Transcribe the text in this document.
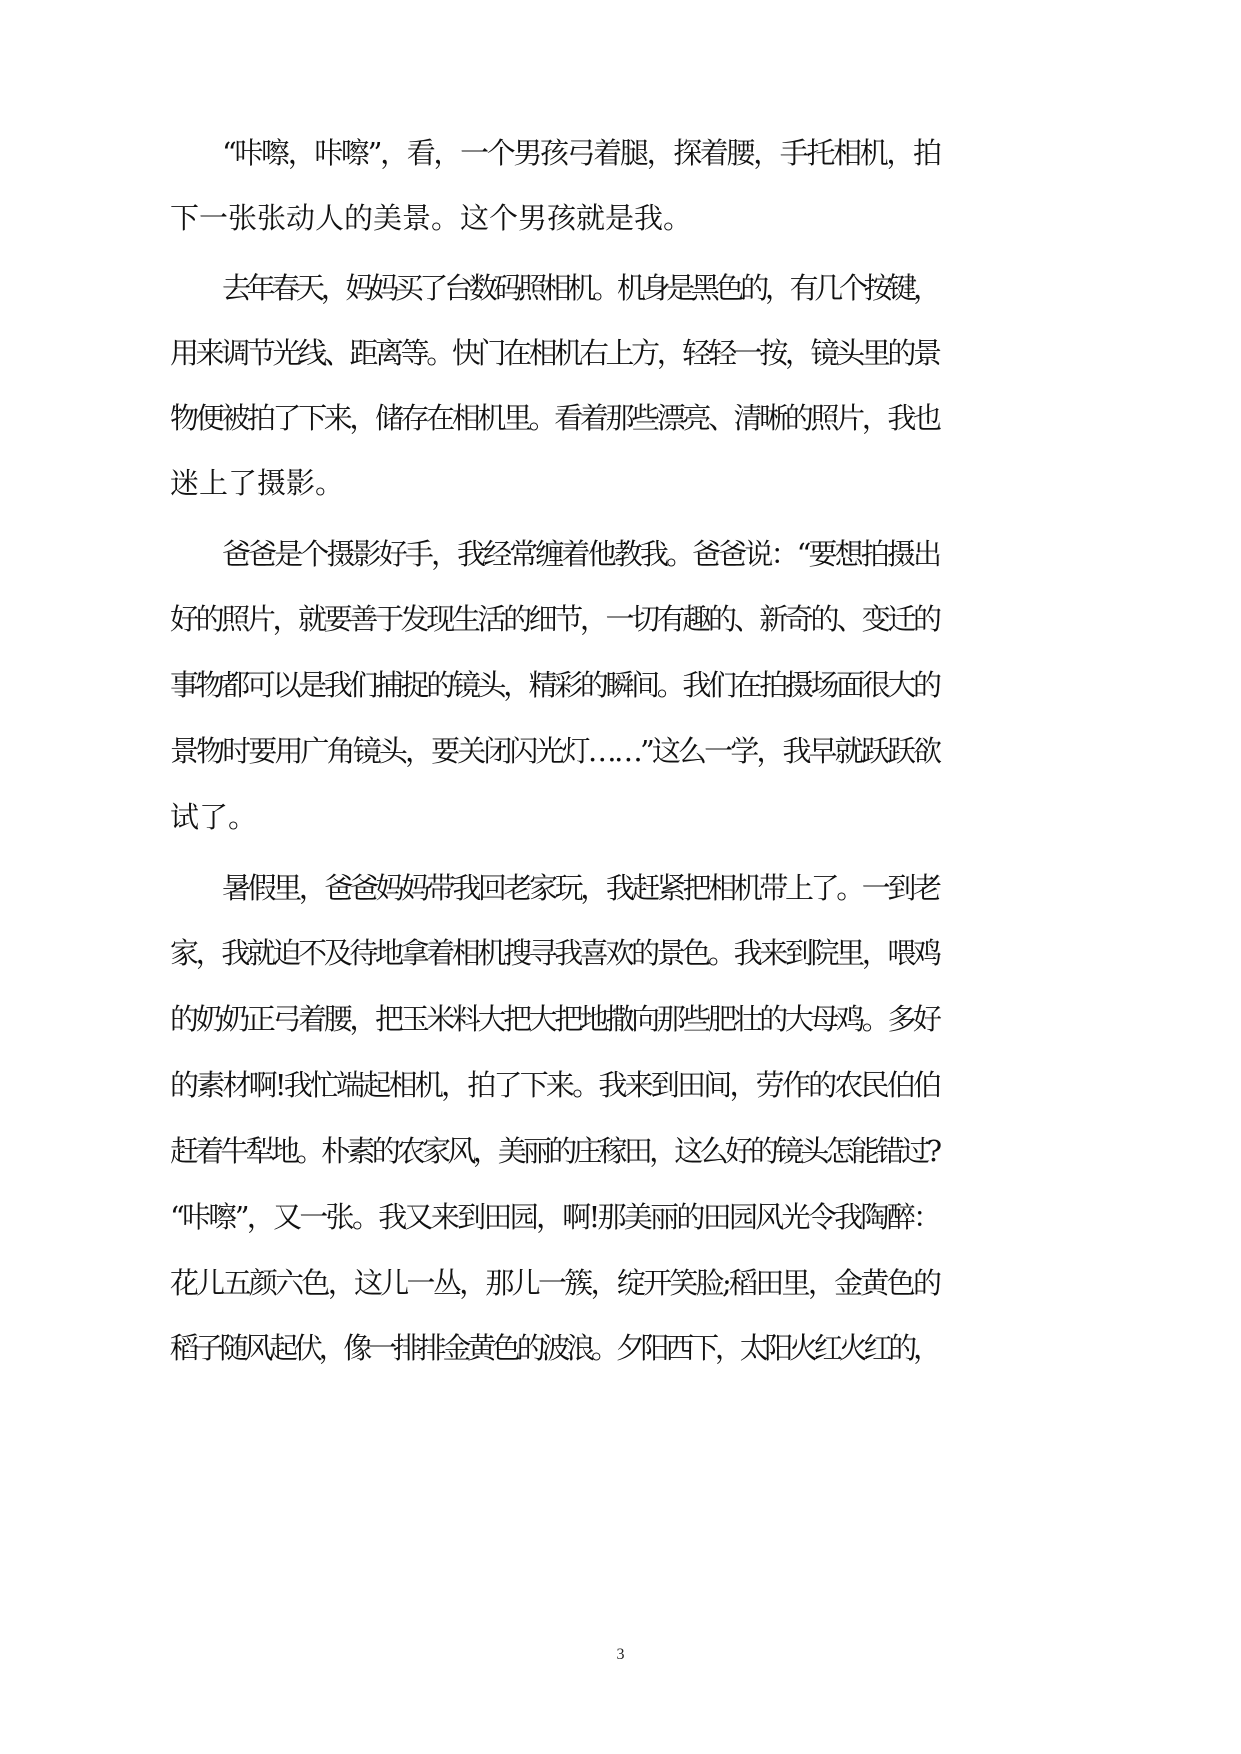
“咔嚓，咔嚓”，看，一个男孩弓着腿，探着腰，手托相机，拍
下一张张动人的美景。这个男孩就是我。
去年春天，妈妈买了台数码照相机。机身是黑色的，有几个按键，
用来调节光线、距离等。快门在相机右上方，轻轻一按，镜头里的景
物便被拍了下来，储存在相机里。看着那些漂亮、清晰的照片，我也
迷上了摄影。
爸爸是个摄影好手，我经常缠着他教我。爸爸说：“要想拍摄出
好的照片，就要善于发现生活的细节，一切有趣的、新奇的、变迁的
事物都可以是我们捕捉的镜头，精彩的瞬间。我们在拍摄场面很大的
景物时要用广角镜头，要关闭闪光灯……”这么一学，我早就跃跃欲
试了。
暑假里，爸爸妈妈带我回老家玩，我赶紧把相机带上了。一到老
家，我就迫不及待地拿着相机搜寻我喜欢的景色。我来到院里，喂鸡
的奶奶正弓着腰，把玉米料大把大把地撒向那些肥壮的大母鸡。多好
的素材啊!我忙端起相机，拍了下来。我来到田间，劳作的农民伯伯
赶着牛犁地。朴素的农家风，美丽的庄稼田，这么好的镜头怎能错过?
“咔嚓”，又一张。我又来到田园，啊!那美丽的田园风光令我陶醉：
花儿五颜六色，这儿一丛，那儿一簇，绽开笑脸;稻田里，金黄色的
稻子随风起伏，像一排排金黄色的波浪。夕阳西下，太阳火红火红的，
3
